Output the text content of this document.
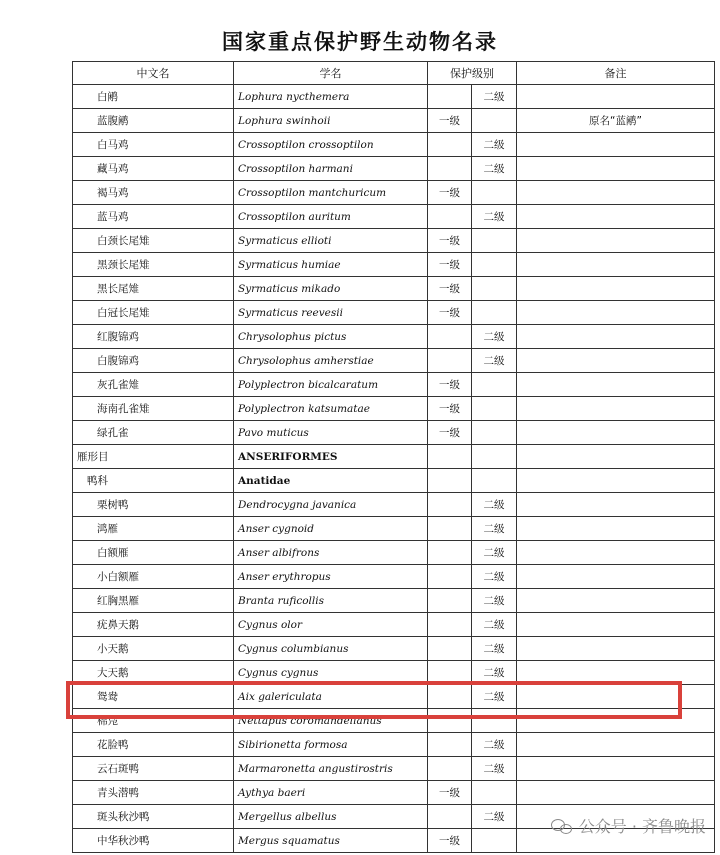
国家重点保护野生动物名录
中文名	学名	保护级别		备注
白鹇	Lophura nycthemera		二级	
蓝腹鹇	Lophura swinhoii	一级		原名“蓝鹇”
白马鸡	Crossoptilon crossoptilon		二级	
藏马鸡	Crossoptilon harmani		二级	
褐马鸡	Crossoptilon mantchuricum	一级		
蓝马鸡	Crossoptilon auritum		二级	
白颈长尾雉	Syrmaticus ellioti	一级		
黑颈长尾雉	Syrmaticus humiae	一级		
黑长尾雉	Syrmaticus mikado	一级		
白冠长尾雉	Syrmaticus reevesii	一级		
红腹锦鸡	Chrysolophus pictus		二级	
白腹锦鸡	Chrysolophus amherstiae		二级	
灰孔雀雉	Polyplectron bicalcaratum	一级		
海南孔雀雉	Polyplectron katsumatae	一级		
绿孔雀	Pavo muticus	一级		
雁形目	ANSERIFORMES			
鸭科	Anatidae			
栗树鸭	Dendrocygna javanica		二级	
鸿雁	Anser cygnoid		二级	
白额雁	Anser albifrons		二级	
小白额雁	Anser erythropus		二级	
红胸黑雁	Branta ruficollis		二级	
疣鼻天鹅	Cygnus olor		二级	
小天鹅	Cygnus columbianus		二级	
大天鹅	Cygnus cygnus		二级	
鸳鸯	Aix galericulata		二级	
棉凫	Nettapus coromandelianus			
花脸鸭	Sibirionetta formosa		二级	
云石斑鸭	Marmaronetta angustirostris		二级	
青头潜鸭	Aythya baeri	一级		
斑头秋沙鸭	Mergellus albellus		二级	
中华秋沙鸭	Mergus squamatus	一级		
公众号 · 齐鲁晚报
